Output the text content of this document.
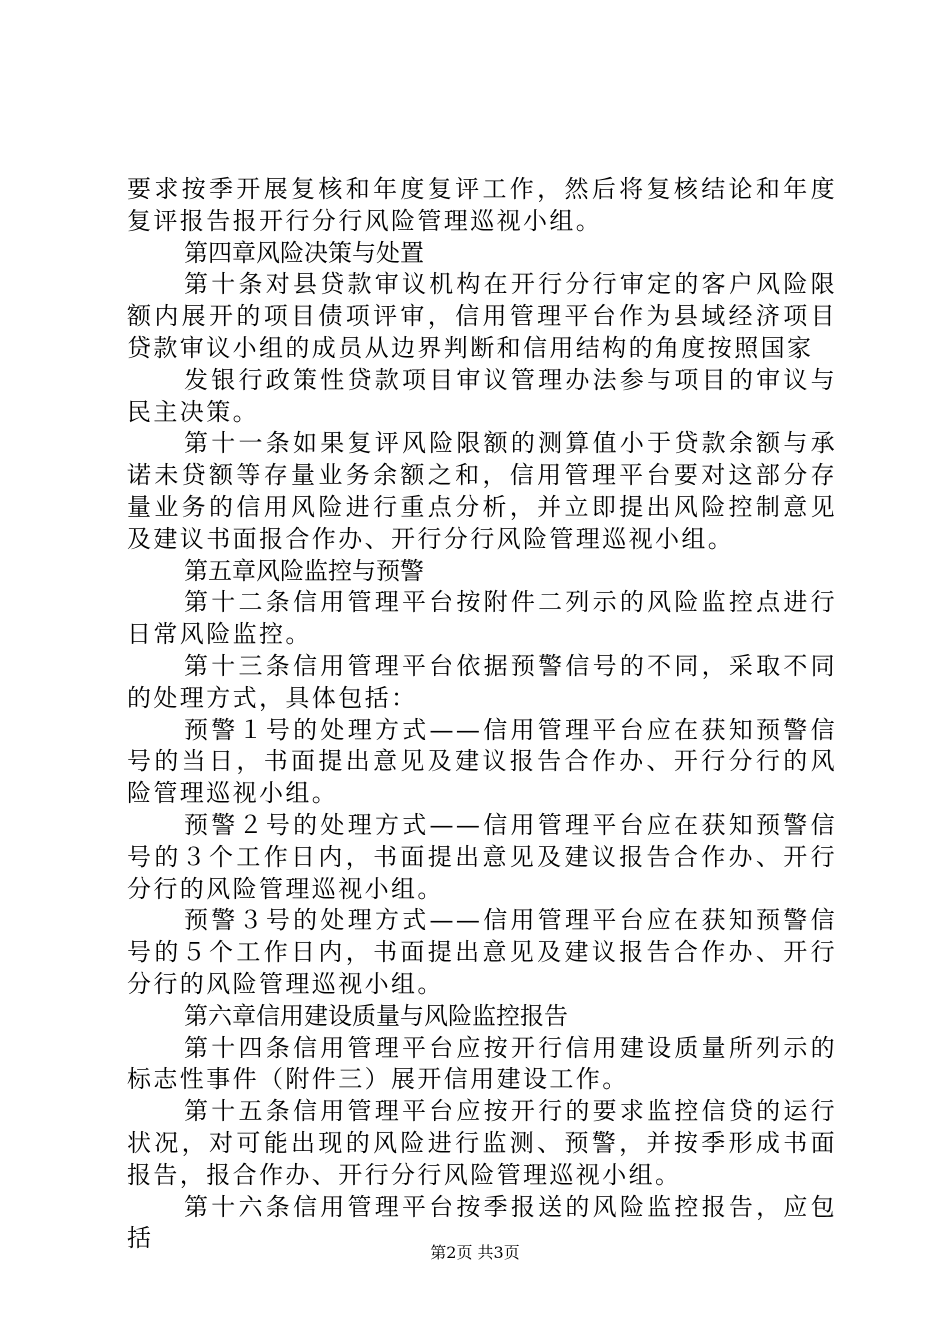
要求按季开展复核和年度复评工作，然后将复核结论和年度复评报告报开行分行风险管理巡视小组。

第四章风险决策与处置

第十条对县贷款审议机构在开行分行审定的客户风险限额内展开的项目债项评审，信用管理平台作为县域经济项目贷款审议小组的成员从边界判断和信用结构的角度按照国家

发银行政策性贷款项目审议管理办法参与项目的审议与民主决策。

第十一条如果复评风险限额的测算值小于贷款余额与承诺未贷额等存量业务余额之和，信用管理平台要对这部分存量业务的信用风险进行重点分析，并立即提出风险控制意见及建议书面报合作办、开行分行风险管理巡视小组。

第五章风险监控与预警

第十二条信用管理平台按附件二列示的风险监控点进行日常风险监控。

第十三条信用管理平台依据预警信号的不同，采取不同的处理方式，具体包括：

预警１号的处理方式——信用管理平台应在获知预警信号的当日，书面提出意见及建议报告合作办、开行分行的风险管理巡视小组。

预警２号的处理方式——信用管理平台应在获知预警信号的３个工作日内，书面提出意见及建议报告合作办、开行分行的风险管理巡视小组。

预警３号的处理方式——信用管理平台应在获知预警信号的５个工作日内，书面提出意见及建议报告合作办、开行分行的风险管理巡视小组。

第六章信用建设质量与风险监控报告

第十四条信用管理平台应按开行信用建设质量所列示的标志性事件（附件三）展开信用建设工作。

第十五条信用管理平台应按开行的要求监控信贷的运行状况，对可能出现的风险进行监测、预警，并按季形成书面报告，报合作办、开行分行风险管理巡视小组。

第十六条信用管理平台按季报送的风险监控报告，应包括

第2页 共3页
